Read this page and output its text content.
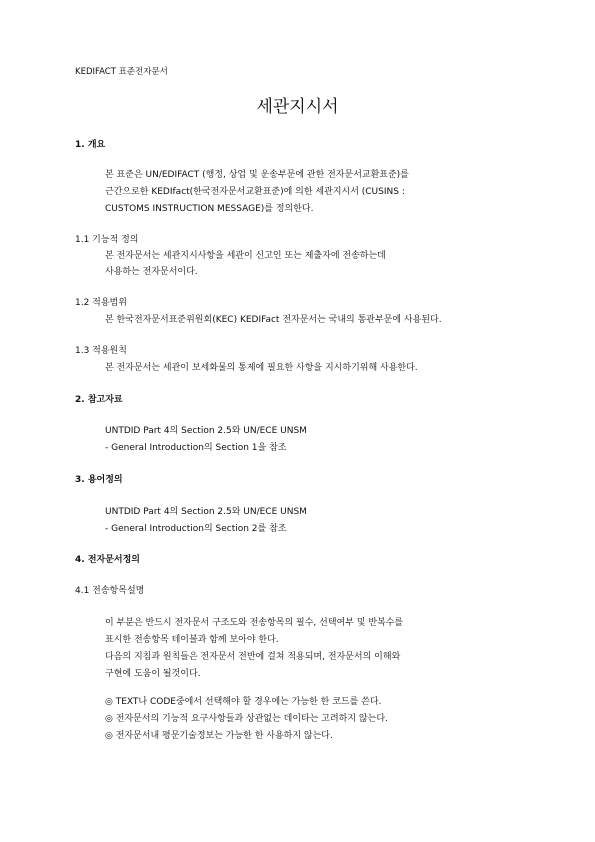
KEDIFACT 표준전자문서
세관지시서
1. 개요
본 표준은 UN/EDIFACT (행정, 상업 및 운송부문에 관한 전자문서교환표준)를
근간으로한 KEDIfact(한국전자문서교환표준)에 의한 세관지시서 (CUSINS :
CUSTOMS INSTRUCTION MESSAGE)를 정의한다.
1.1 기능적 정의
본 전자문서는 세관지시사항을 세관이 신고인 또는 제출자에 전송하는데
사용하는 전자문서이다.
1.2 적용범위
본 한국전자문서표준위원회(KEC) KEDIFact 전자문서는 국내의 통관부문에 사용된다.
1.3 적용원칙
본 전자문서는 세관이 보세화물의 통제에 필요한 사항을 지시하기위해 사용한다.
2. 참고자료
UNTDID Part 4의 Section 2.5와 UN/ECE UNSM
- General Introduction의 Section 1을 참조
3. 용어정의
UNTDID Part 4의 Section 2.5와 UN/ECE UNSM
- General Introduction의 Section 2를 참조
4. 전자문서정의
4.1 전송항목설명
이 부분은 반드시 전자문서 구조도와 전송항목의 필수, 선택여부 및 반복수를
표시한 전송항목 테이블과 함께 보아야 한다.
다음의 지침과 원칙들은 전자문서 전반에 걸쳐 적용되며, 전자문서의 이해와
구현에 도움이 될것이다.
◎ TEXT나 CODE중에서 선택해야 할 경우에는 가능한 한 코드를 쓴다.
◎ 전자문서의 기능적 요구사항들과 상관없는 데이타는 고려하지 않는다.
◎ 전자문서내 평문기술정보는 가능한 한 사용하지 않는다.
